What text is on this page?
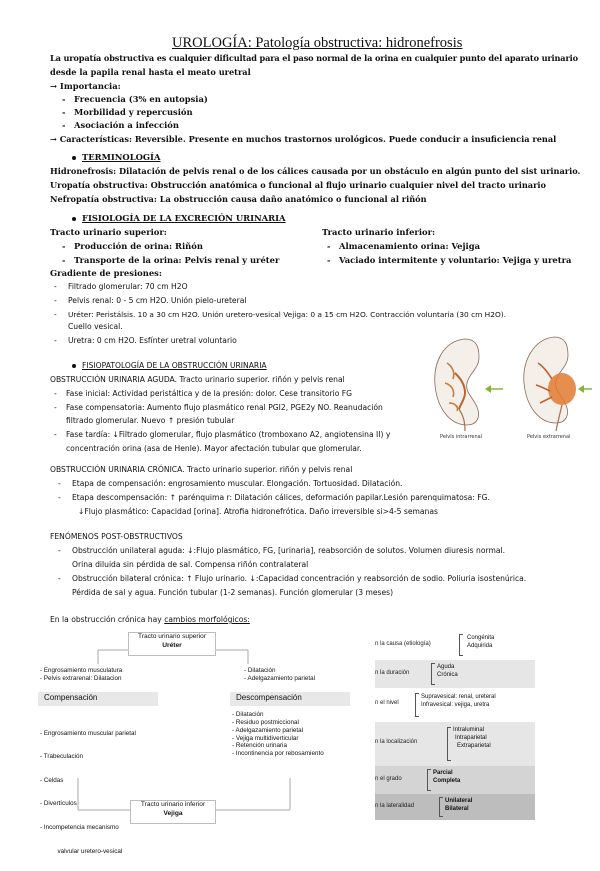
UROLOGÍA: Patología obstructiva: hidronefrosis
La uropatía obstructiva es cualquier dificultad para el paso normal de la orina en cualquier punto del aparato urinario
desde la papila renal hasta el meato uretral
→ Importancia:
- Frecuencia (3% en autopsia)
- Morbilidad y repercusión
- Asociación a infección
→ Características: Reversible. Presente en muchos trastornos urológicos. Puede conducir a insuficiencia renal
TERMINOLOGÍA
Hidronefrosis: Dilatación de pelvis renal o de los cálices causada por un obstáculo en algún punto del sist urinario.
Uropatía obstructiva: Obstrucción anatómica o funcional al flujo urinario cualquier nivel del tracto urinario
Nefropatía obstructiva: La obstrucción causa daño anatómico o funcional al riñón
FISIOLOGÍA DE LA EXCRECIÓN URINARIA
Tracto urinario superior:
- Producción de orina: Riñón
- Transporte de la orina: Pelvis renal y uréter
Tracto urinario inferior:
- Almacenamiento orina: Vejiga
- Vaciado intermitente y voluntario: Vejiga y uretra
Gradiente de presiones:
- Filtrado glomerular: 70 cm H2O
- Pelvis renal: 0 - 5 cm H2O. Unión pielo-ureteral
- Uréter: Peristálsis. 10 a 30 cm H2O. Unión uretero-vesical Vejiga: 0 a 15 cm H2O. Contracción voluntaria (30 cm H2O).
Cuello vesical.
- Uretra: 0 cm H2O. Esfínter uretral voluntario
FISIOPATOLOGÍA DE LA OBSTRUCCIÓN URINARIA
OBSTRUCCIÓN URINARIA AGUDA. Tracto urinario superior. riñón y pelvis renal
- Fase inicial: Actividad peristáltica y de la presión: dolor. Cese transitorio FG
- Fase compensatoria: Aumento flujo plasmático renal PGI2, PGE2y NO. Reanudación
filtrado glomerular. Nuevo ↑ presión tubular
- Fase tardía: ↓Filtrado glomerular, flujo plasmático (tromboxano A2, angiotensina II) y
concentración orina (asa de Henle). Mayor afectación tubular que glomerular.
OBSTRUCCIÓN URINARIA CRÓNICA. Tracto urinario superior. riñón y pelvis renal
- Etapa de compensación: engrosamiento muscular. Elongación. Tortuosidad. Dilatación.
- Etapa descompensación: ↑ parénquima r: Dilatación cálices, deformación papilar.Lesión parenquimatosa: FG.
↓Flujo plasmático: Capacidad [orina]. Atrofia hidronefrótica. Daño irreversible si>4-5 semanas
FENÓMENOS POST-OBSTRUCTIVOS
- Obstrucción unilateral aguda: ↓:Flujo plasmático, FG, [urinaria], reabsorción de solutos. Volumen diuresis normal.
Orina diluida sin pérdida de sal. Compensa riñón contralateral
- Obstrucción bilateral crónica: ↑ Flujo urinario. ↓:Capacidad concentración y reabsorción de sodio. Poliuria isostenúrica.
Pérdida de sal y agua. Función tubular (1-2 semanas). Función glomerular (3 meses)
Pelvis intrarrenal	Pelvis extrarrenal
En la obstrucción crónica hay cambios morfológicos:
Tracto urinario superior
Uréter
- Engrosamiento musculatura
- Pelvis extrarenal: Dilatacion
- Dilatación
- Adelgazamiento parietal
Compensación	Descompensación

- Engrosamiento muscular parietal

- Trabeculación

- Celdas

- Divertículos

- Incompetencia mecanismo

valvular uretero-vesical

- Dilatación
- Residuo postmiccional
- Adelgazamiento parietal
- Vejiga multidiverticular
- Retención urinaria
- Incontinencia por rebosamiento
Tracto urinario inferior
Vejiga
n la causa (etiología)
Congénita
Adquirida
n la duración
Aguda
Crónica
n el nivel
Supravesical: renal, ureteral
Infravesical: vejiga, uretra
n la localización
Intraluminal
Intraparietal
Extraparietal
n el grado
Parcial
Completa
n la lateralidad
Unilateral
Bilateral
